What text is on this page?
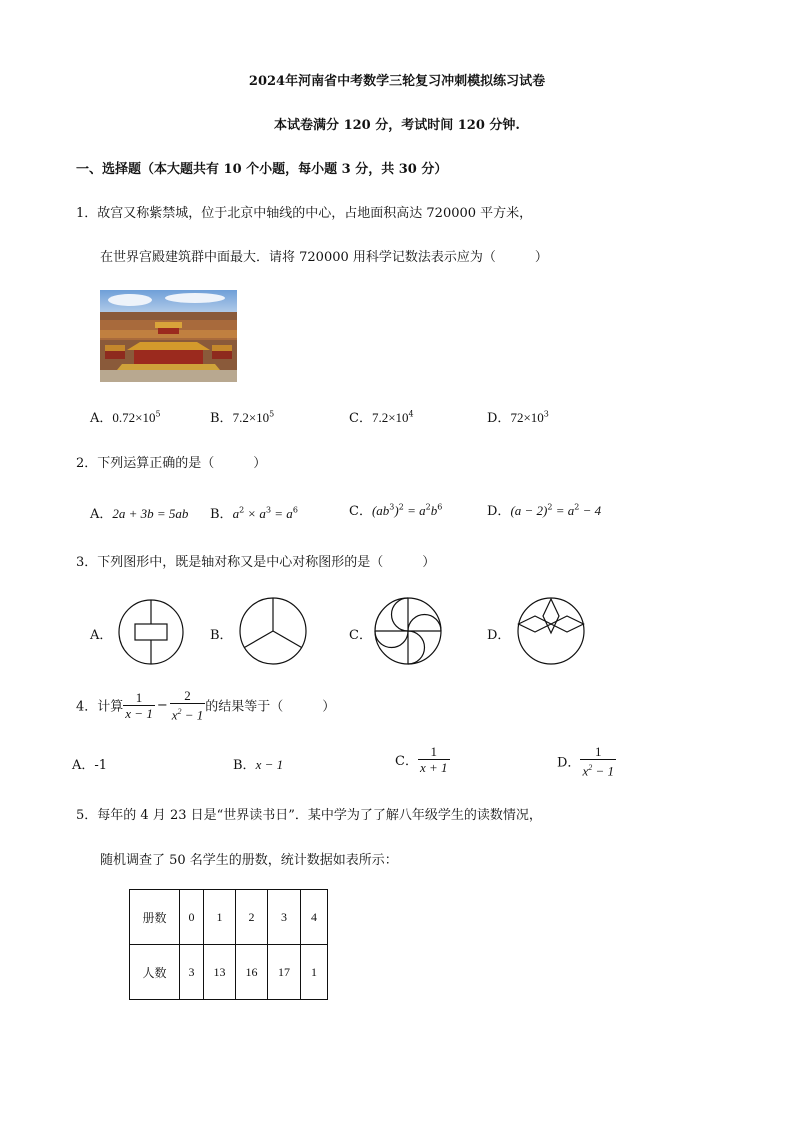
2024年河南省中考数学三轮复习冲刺模拟练习试卷
本试卷满分 120 分，考试时间 120 分钟.
一、选择题（本大题共有 10 个小题，每小题 3 分，共 30 分）
1．故宫又称紫禁城，位于北京中轴线的中心，占地面积高达 720000 平方米，
在世界宫殿建筑群中面最大．请将 720000 用科学记数法表示应为（　　　）
A．$0.72\times 10^5$	B．$7.2\times 10^5$	C．$7.2\times 10^4$	D．$72\times 10^3$
2．下列运算正确的是（　　　）
A．2a + 3b = 5ab B．$a^2 \times a^3 = a^6$	C．$(ab^3)^2 = a^2b^6$	D．$(a - 2)^2 = a^2 - 4$
3．下列图形中，既是轴对称又是中心对称图形的是（　　　）
A．	B．	C．	D．
4．计算 $\frac{1}{x - 1} - \frac{2}{x^2 - 1}$ 的结果等于（　　　）
A．-1	B．x − 1	C． $\frac{1}{x + 1}$	D． $\frac{1}{x^2 - 1}$
5．每年的 4 月 23 日是“世界读书日”．某中学为了了解八年级学生的读数情况，
随机调查了 50 名学生的册数，统计数据如表所示：
册数	0	1	2	3	4
人数	3	13	16	17	1
